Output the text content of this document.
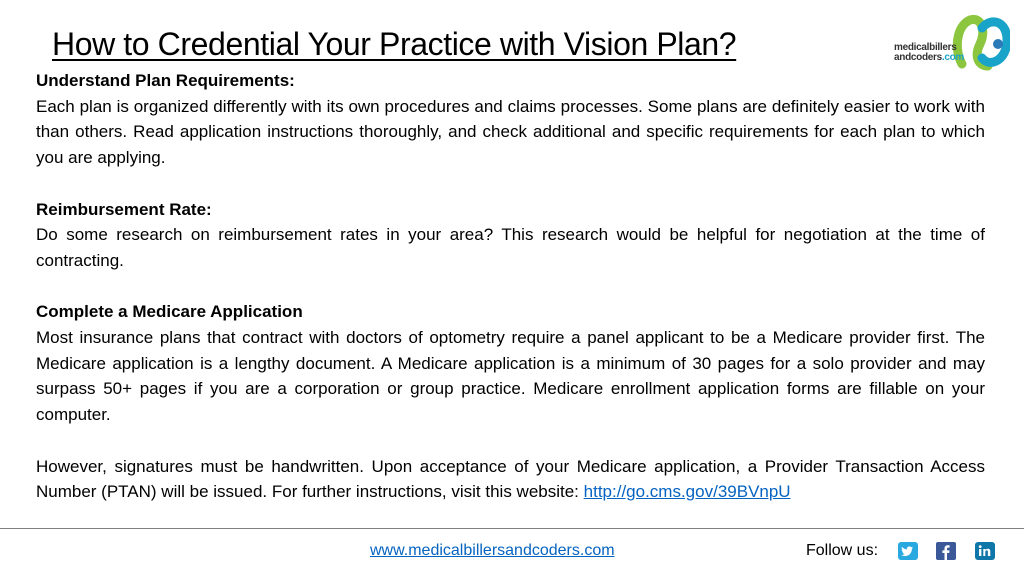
How to Credential Your Practice with Vision Plan?	medicalbillers
andcoders.com

Understand Plan Requirements:

Each plan is organized differently with its own procedures and claims processes. Some plans are definitely easier to work with than others. Read application instructions thoroughly, and check additional and specific requirements for each plan to which you are applying.

Reimbursement Rate:

Do some research on reimbursement rates in your area? This research would be helpful for negotiation at the time of contracting.

Complete a Medicare Application

Most insurance plans that contract with doctors of optometry require a panel applicant to be a Medicare provider first. The Medicare application is a lengthy document. A Medicare application is a minimum of 30 pages for a solo provider and may surpass 50+ pages if you are a corporation or group practice. Medicare enrollment application forms are fillable on your computer.

However, signatures must be handwritten. Upon acceptance of your Medicare application, a Provider Transaction Access Number (PTAN) will be issued. For further instructions, visit this website: http://go.cms.gov/39BVnpU

www.medicalbillersandcoders.com	Follow us:
